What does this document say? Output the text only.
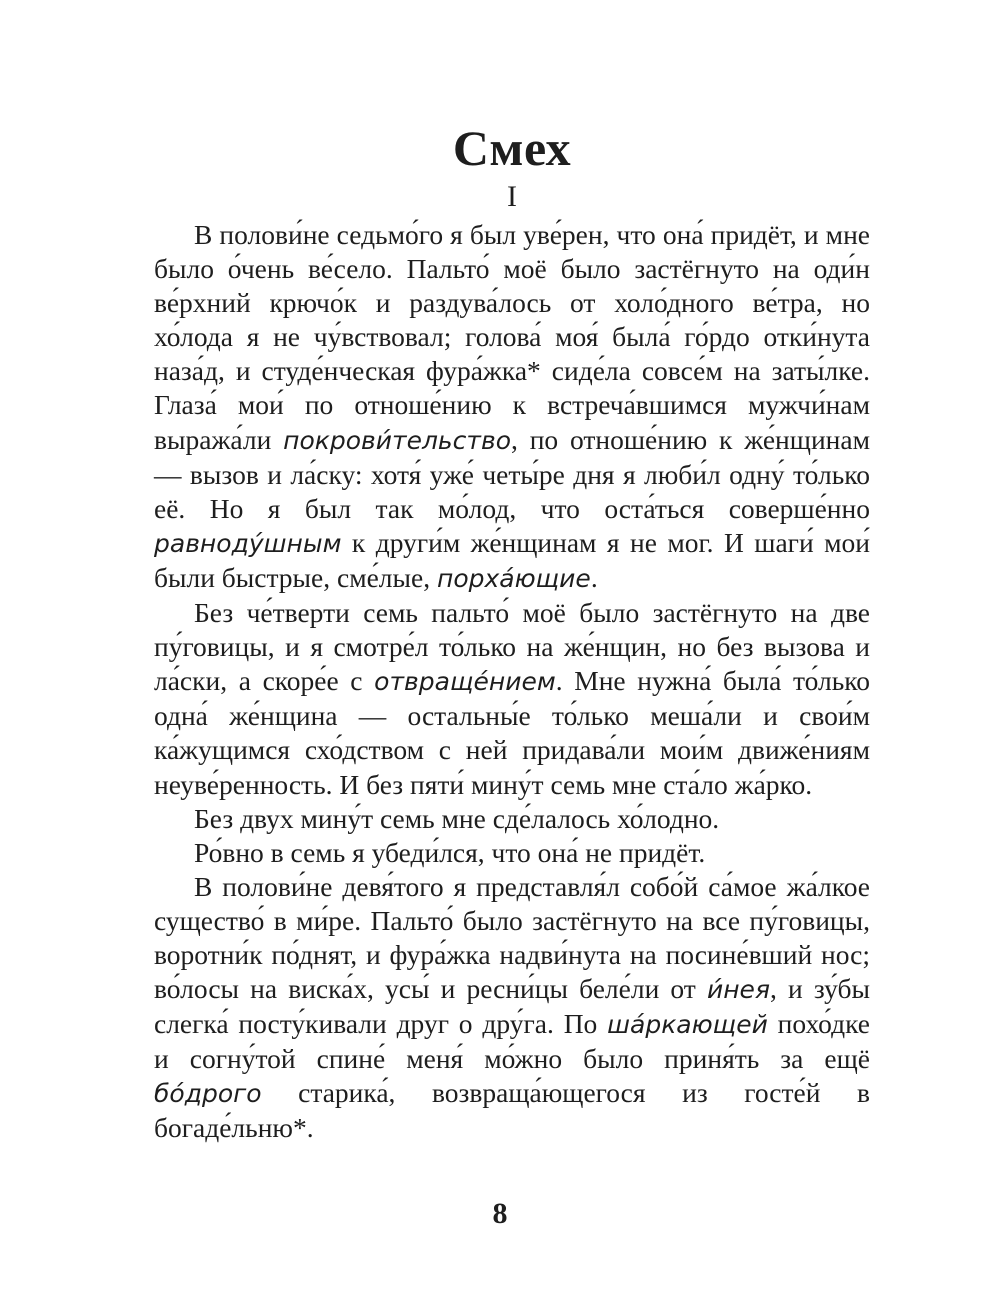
Смех
I

В полови́не седьмо́го я был уве́рен, что она́ придёт, и мне было о́чень ве́село. Пальто́ моё было застёгнуто на оди́н ве́рхний крючо́к и раздува́лось от холо́дного ве́тра, но хо́лода я не чу́вствовал; голова́ моя́ была́ го́рдо отки́нута наза́д, и студе́нческая фура́жка* сиде́ла совсе́м на заты́лке. Глаза́ мои́ по отноше́нию к встреча́вшимся мужчи́нам выража́ли покрови́тельство, по отноше́нию к же́нщинам — вызов и ла́ску: хотя́ уже́ четы́ре дня я люби́л одну́ то́лько её. Но я был так мо́лод, что оста́ться соверше́нно равноду́шным к други́м же́нщинам я не мог. И шаги́ мои́ были быстрые, сме́лые, порха́ющие.

Без че́тверти семь пальто́ моё было застёгнуто на две пу́говицы, и я смотре́л то́лько на же́нщин, но без вызова и ла́ски, а скоре́е с отвраще́нием. Мне нужна́ была́ то́лько одна́ же́нщина — остальны́е то́лько меша́ли и свои́м ка́жущимся схо́дством с ней придава́ли мои́м движе́ниям неуве́ренность. И без пяти́ мину́т семь мне ста́ло жа́рко.

Без двух мину́т семь мне сде́лалось хо́лодно.

Ро́вно в семь я убеди́лся, что она́ не придёт.

В полови́не девя́того я представля́л собо́й са́мое жа́лкое существо́ в ми́ре. Пальто́ было застёгнуто на все пу́говицы, воротни́к по́днят, и фура́жка надви́нута на посине́вший нос; во́лосы на виска́х, усы́ и ресни́цы беле́ли от и́нея, и зу́бы слегка́ посту́кивали друг о дру́га. По ша́ркающей похо́дке и согну́той спине́ меня́ мо́жно было приня́ть за ещё бо́дрого старика́, возвраща́ющегося из госте́й в богаде́льню*.

8
